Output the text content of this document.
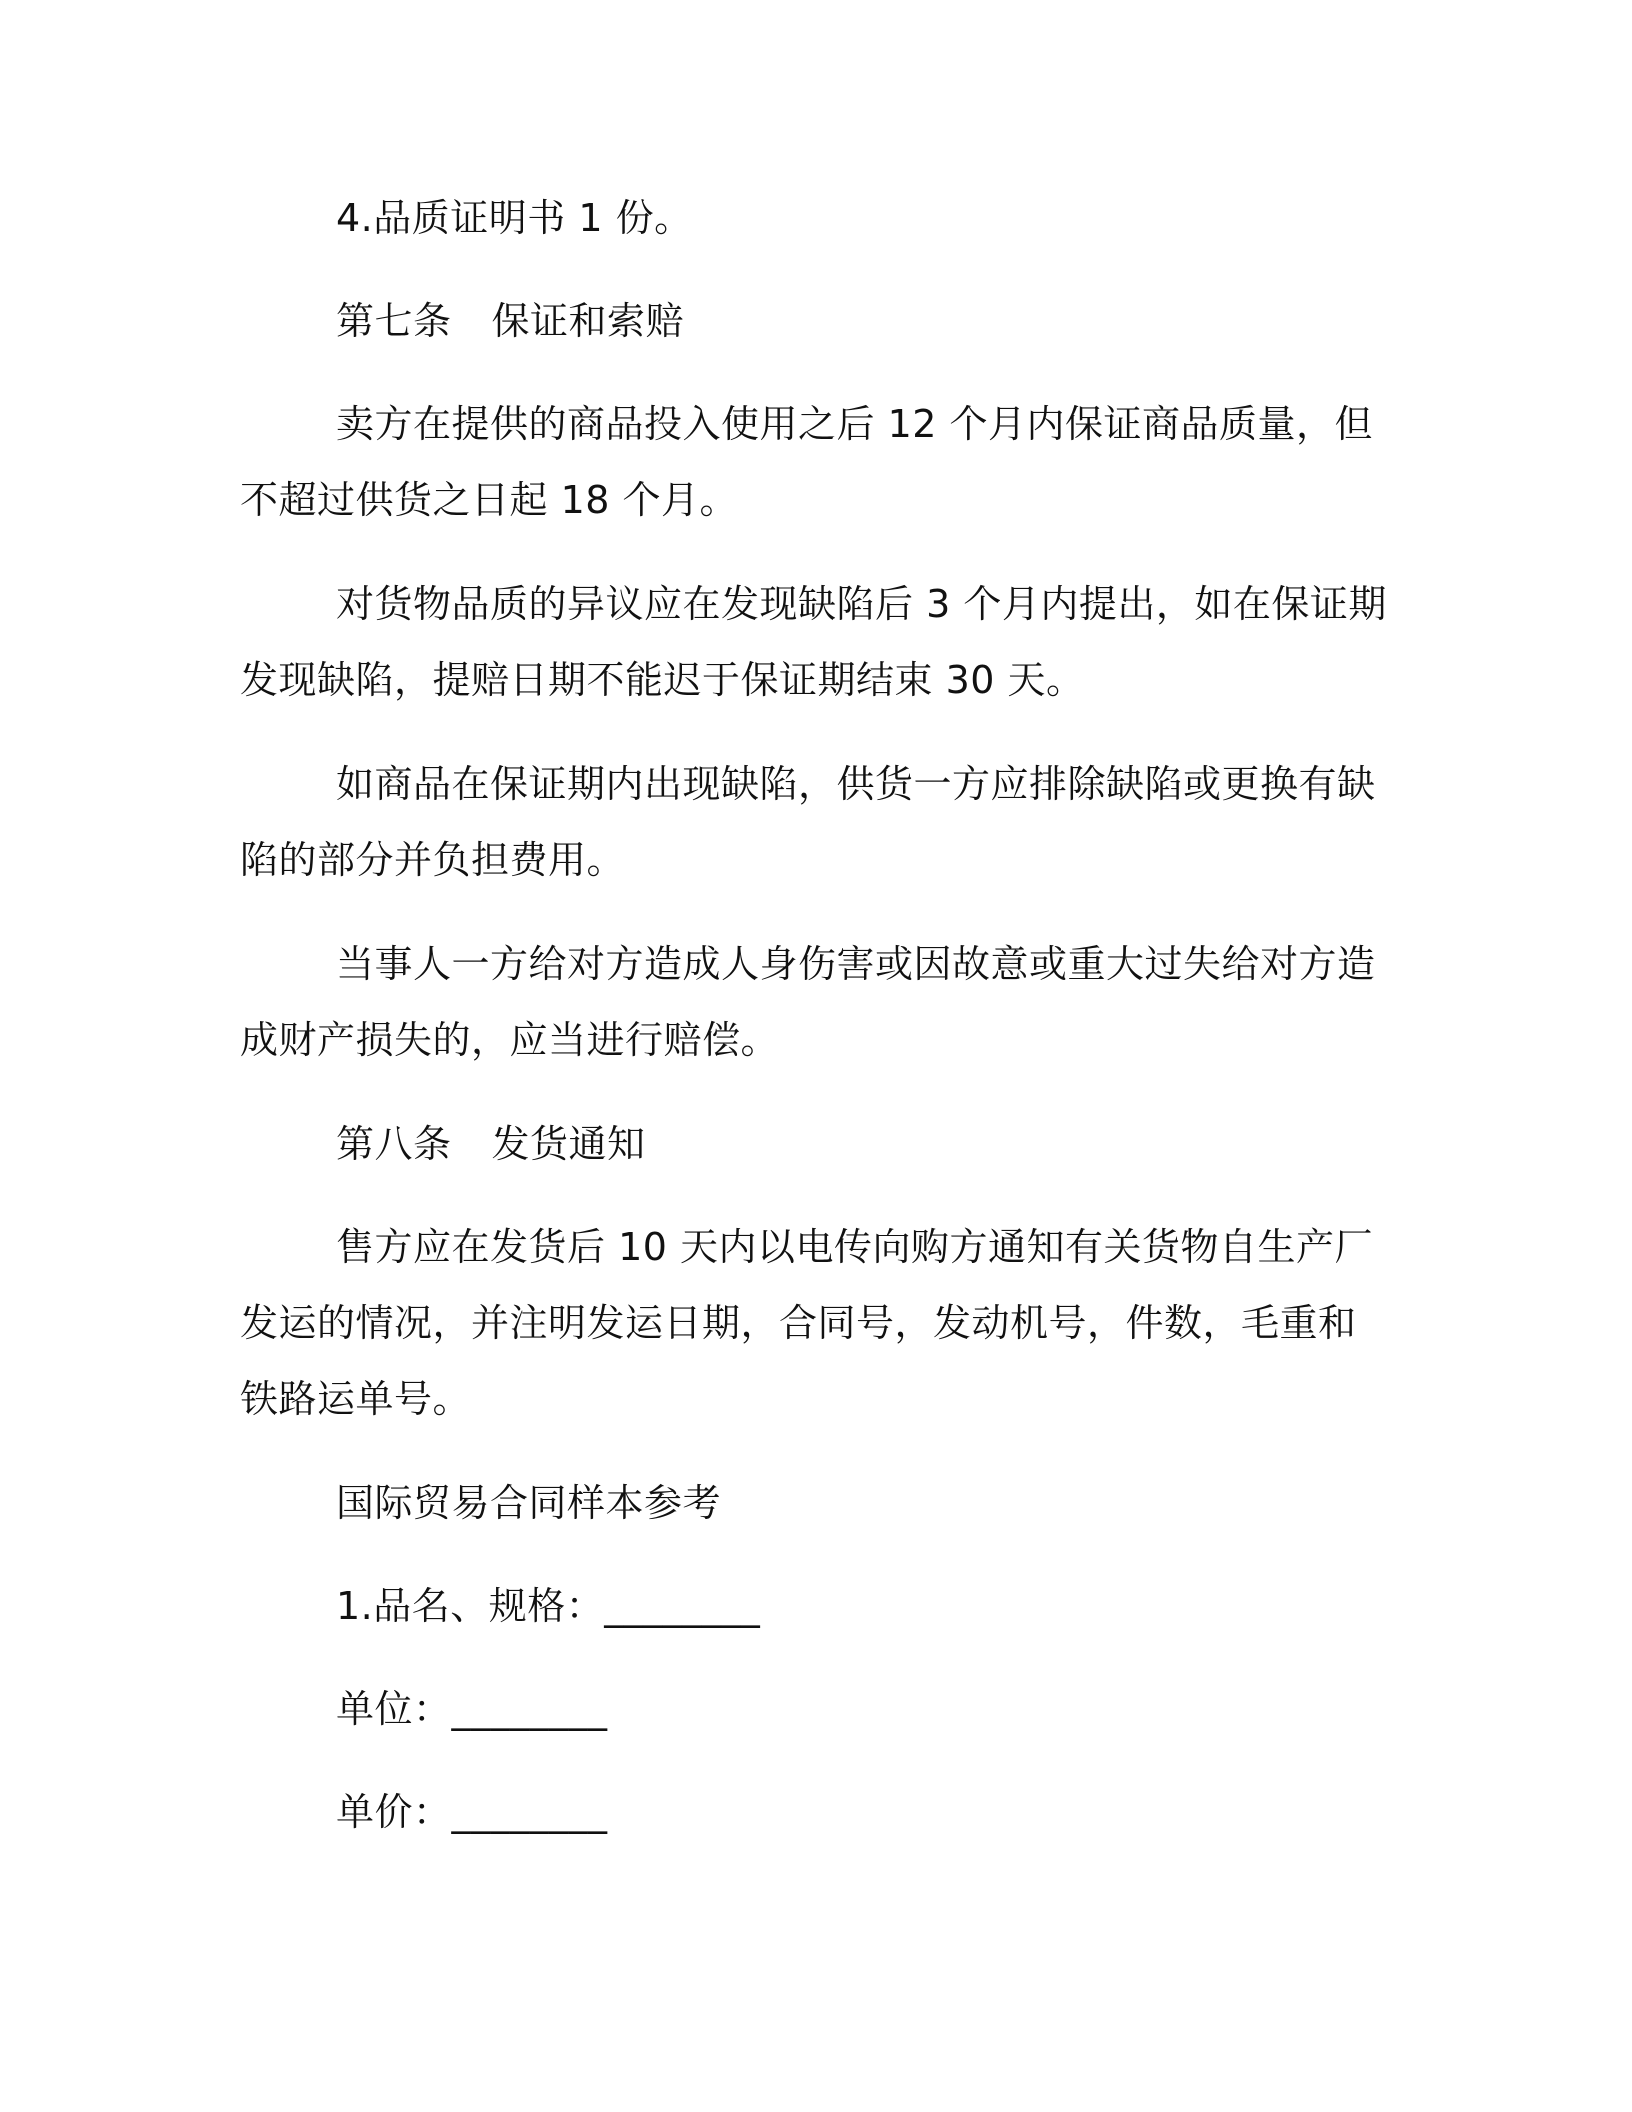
4.品质证明书 1 份。

第七条 保证和索赔

卖方在提供的商品投入使用之后 12 个月内保证商品质量，但不超过供货之日起 18 个月。

对货物品质的异议应在发现缺陷后 3 个月内提出，如在保证期发现缺陷，提赔日期不能迟于保证期结束 30 天。

如商品在保证期内出现缺陷，供货一方应排除缺陷或更换有缺陷的部分并负担费用。

当事人一方给对方造成人身伤害或因故意或重大过失给对方造成财产损失的，应当进行赔偿。

第八条 发货通知

售方应在发货后 10 天内以电传向购方通知有关货物自生产厂发运的情况，并注明发运日期，合同号，发动机号，件数，毛重和铁路运单号。

国际贸易合同样本参考

1.品名、规格：________

单位：________

单价：________
